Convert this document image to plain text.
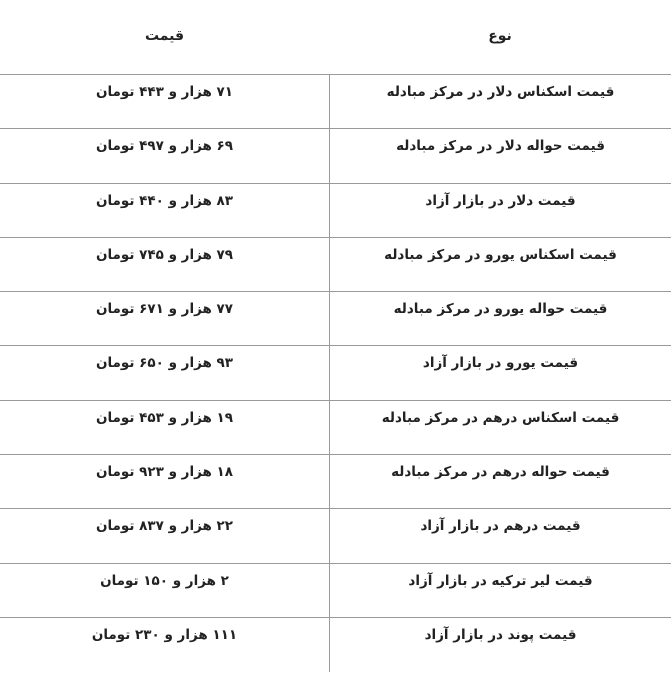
نوع
قیمت
قیمت اسکناس دلار در مرکز مبادله
۷۱ هزار و ۴۴۳ تومان
قیمت حواله دلار در مرکز مبادله
۶۹ هزار و ۴۹۷ تومان
قیمت دلار در بازار آزاد
۸۳ هزار و ۴۴۰ تومان
قیمت اسکناس یورو در مرکز مبادله
۷۹ هزار و ۷۴۵ تومان
قیمت حواله یورو در مرکز مبادله
۷۷ هزار و ۶۷۱ تومان
قیمت یورو در بازار آزاد
۹۳ هزار و ۶۵۰ تومان
قیمت اسکناس درهم در مرکز مبادله
۱۹ هزار و ۴۵۳ تومان
قیمت حواله درهم در مرکز مبادله
۱۸ هزار و ۹۲۳ تومان
قیمت درهم در بازار آزاد
۲۲ هزار و ۸۳۷ تومان
قیمت لیر ترکیه در بازار آزاد
۲ هزار و ۱۵۰ تومان
قیمت پوند در بازار آزاد
۱۱۱ هزار و ۲۳۰ تومان
